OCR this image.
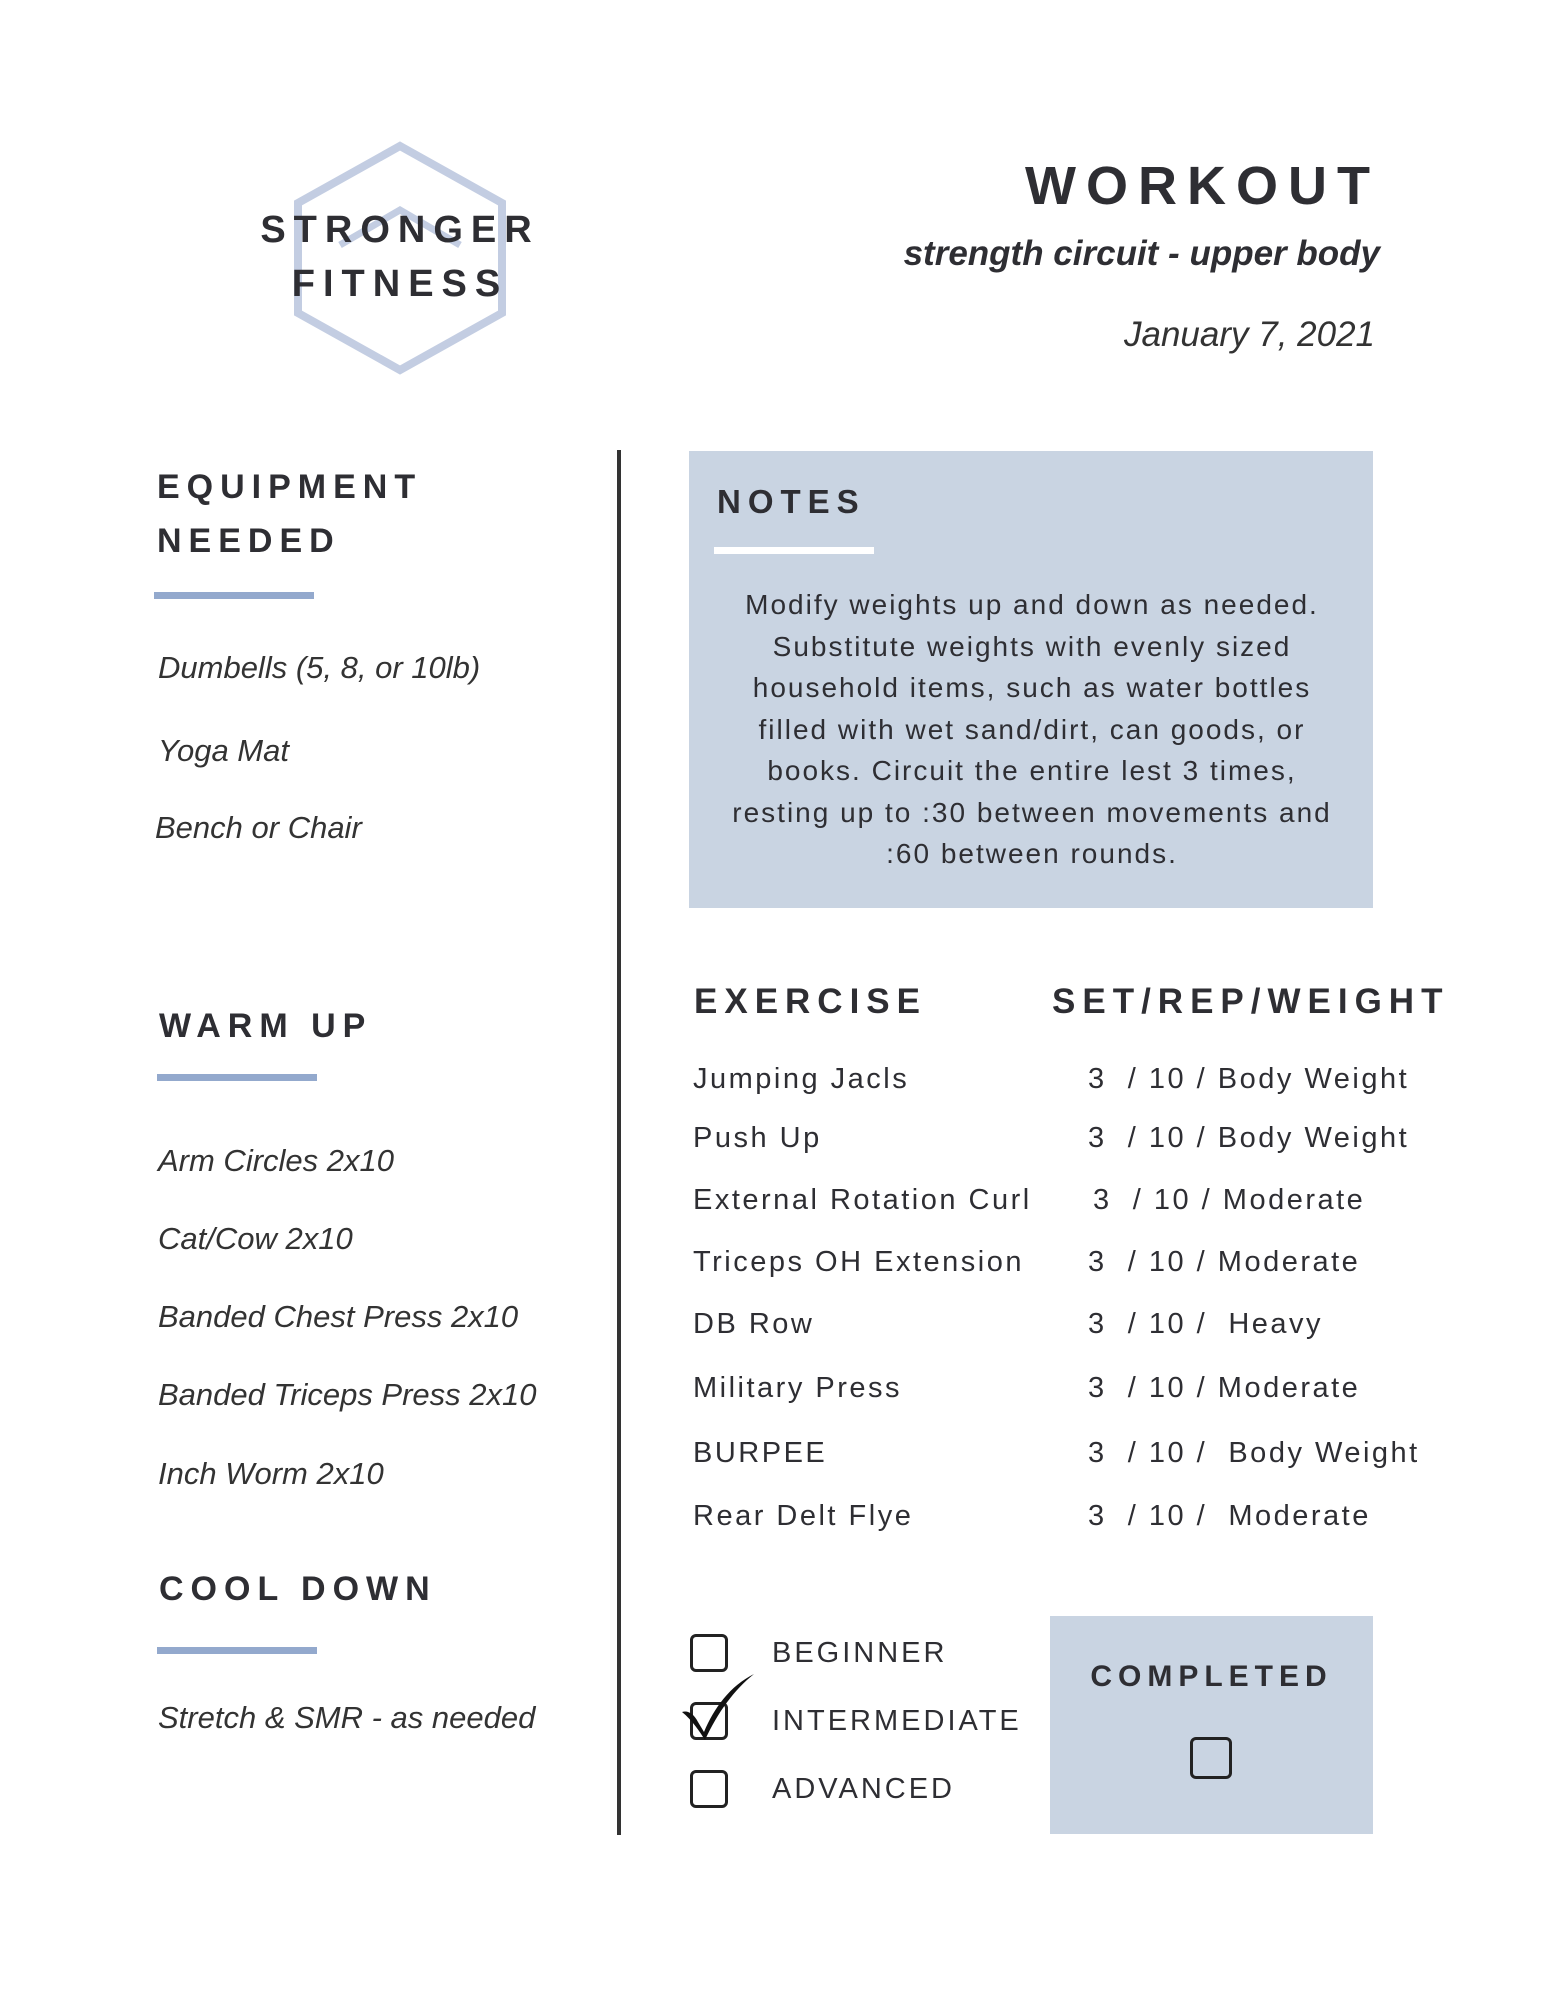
STRONGER
FITNESS
WORKOUT
strength circuit - upper body
January 7, 2021
EQUIPMENT
NEEDED
Dumbells (5, 8, or 10lb)
Yoga Mat
Bench or Chair
WARM UP
Arm Circles 2x10
Cat/Cow 2x10
Banded Chest Press 2x10
Banded Triceps Press 2x10
Inch Worm 2x10
COOL DOWN
Stretch & SMR - as needed
NOTES
Modify weights up and down as needed.
Substitute weights with evenly sized
household items, such as water bottles
filled with wet sand/dirt, can goods, or
books. Circuit the entire lest 3 times,
resting up to :30 between movements and
:60 between rounds.
EXERCISE	SET/REP/WEIGHT
Jumping Jacls	3  / 10 / Body Weight
Push Up	3  / 10 / Body Weight
External Rotation Curl 3  / 10 / Moderate
Triceps OH Extension 3  / 10 / Moderate
DB Row	3  / 10 /  Heavy
Military Press	3  / 10 / Moderate
BURPEE	3  / 10 /  Body Weight
Rear Delt Flye	3  / 10 /  Moderate
BEGINNER
INTERMEDIATE
ADVANCED
COMPLETED
